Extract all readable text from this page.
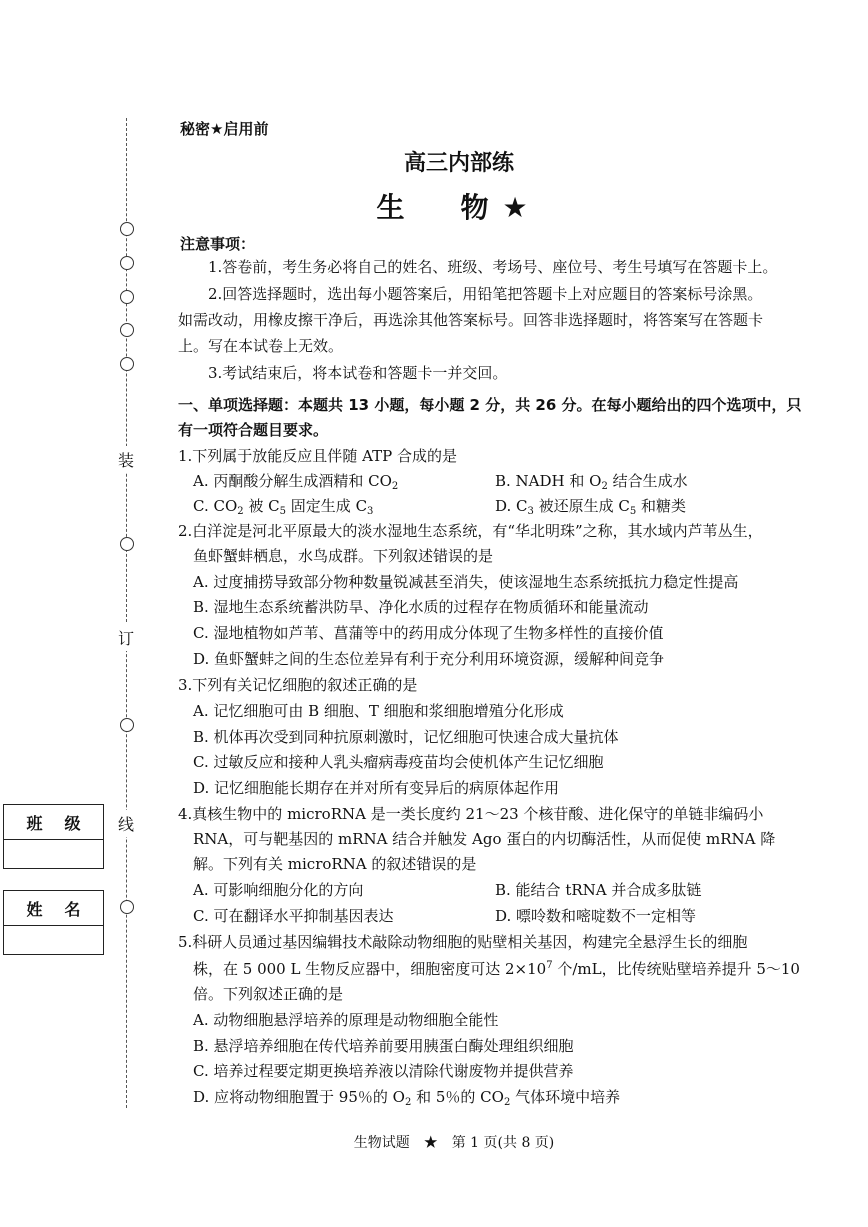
装
订
线
班级
姓名
秘密★启用前
高三内部练
生　物★
注意事项：
1.答卷前，考生务必将自己的姓名、班级、考场号、座位号、考生号填写在答题卡上。
2.回答选择题时，选出每小题答案后，用铅笔把答题卡上对应题目的答案标号涂黑。
如需改动，用橡皮擦干净后，再选涂其他答案标号。回答非选择题时，将答案写在答题卡
上。写在本试卷上无效。
3.考试结束后，将本试卷和答题卡一并交回。
一、单项选择题：本题共 13 小题，每小题 2 分，共 26 分。在每小题给出的四个选项中，只
有一项符合题目要求。
1.下列属于放能反应且伴随 ATP 合成的是
A. 丙酮酸分解生成酒精和 $CO_2$	B. NADH 和 $O_2$ 结合生成水
C. $CO_2$ 被 $C_5$ 固定生成 $C_3$	D. $C_3$ 被还原生成 $C_5$ 和糖类
2.白洋淀是河北平原最大的淡水湿地生态系统，有“华北明珠”之称，其水域内芦苇丛生，
鱼虾蟹蚌栖息，水鸟成群。下列叙述错误的是
A. 过度捕捞导致部分物种数量锐减甚至消失，使该湿地生态系统抵抗力稳定性提高
B. 湿地生态系统蓄洪防旱、净化水质的过程存在物质循环和能量流动
C. 湿地植物如芦苇、菖蒲等中的药用成分体现了生物多样性的直接价值
D. 鱼虾蟹蚌之间的生态位差异有利于充分利用环境资源，缓解种间竞争
3.下列有关记忆细胞的叙述正确的是
A. 记忆细胞可由 B 细胞、T 细胞和浆细胞增殖分化形成
B. 机体再次受到同种抗原刺激时，记忆细胞可快速合成大量抗体
C. 过敏反应和接种人乳头瘤病毒疫苗均会使机体产生记忆细胞
D. 记忆细胞能长期存在并对所有变异后的病原体起作用
4.真核生物中的 microRNA 是一类长度约 21～23 个核苷酸、进化保守的单链非编码小
RNA，可与靶基因的 mRNA 结合并触发 Ago 蛋白的内切酶活性，从而促使 mRNA 降
解。下列有关 microRNA 的叙述错误的是
A. 可影响细胞分化的方向	B. 能结合 tRNA 并合成多肽链
C. 可在翻译水平抑制基因表达	D. 嘌呤数和嘧啶数不一定相等
5.科研人员通过基因编辑技术敲除动物细胞的贴壁相关基因，构建完全悬浮生长的细胞
株，在 5 000 L 生物反应器中，细胞密度可达 $2\times 10^7$ 个/mL，比传统贴壁培养提升 5～10
倍。下列叙述正确的是
A. 动物细胞悬浮培养的原理是动物细胞全能性
B. 悬浮培养细胞在传代培养前要用胰蛋白酶处理组织细胞
C. 培养过程要定期更换培养液以清除代谢废物并提供营养
D. 应将动物细胞置于 95％的 $O_2$ 和 5％的 $CO_2$ 气体环境中培养
生物试题　★　第 1 页(共 8 页)
